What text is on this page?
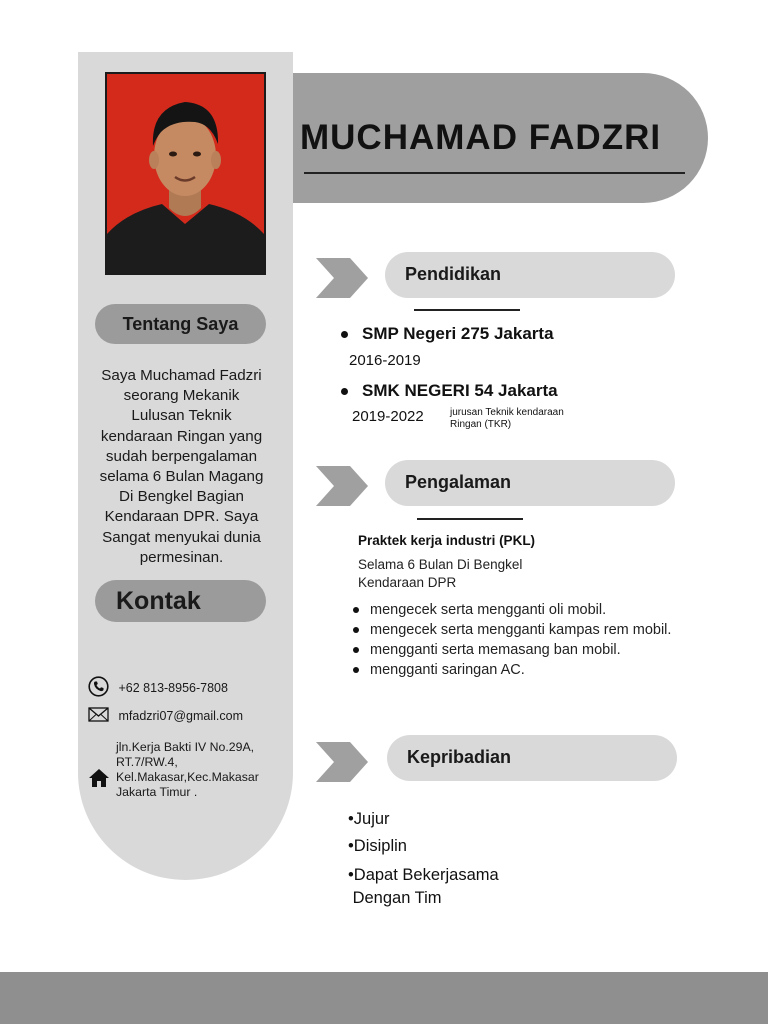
Tentang Saya
Saya Muchamad Fadzri
seorang Mekanik
Lulusan Teknik
kendaraan Ringan yang
sudah berpengalaman
selama 6 Bulan Magang
Di Bengkel Bagian
Kendaraan DPR. Saya
Sangat menyukai dunia
permesinan.
Kontak
+62 813-8956-7808
mfadzri07@gmail.com
jln.Kerja Bakti IV No.29A,
RT.7/RW.4,
Kel.Makasar,Kec.Makasar
Jakarta Timur .
MUCHAMAD FADZRI
Pendidikan
SMP Negeri 275 Jakarta
2016-2019
SMK NEGERI 54 Jakarta
2019-2022	jurusan Teknik kendaraan Ringan (TKR)
Pengalaman
Praktek kerja industri (PKL)
Selama 6 Bulan Di Bengkel
Kendaraan DPR
mengecek serta mengganti oli mobil.
mengecek serta mengganti kampas rem mobil.
mengganti serta memasang ban mobil.
mengganti saringan AC.
Kepribadian
•Jujur
•Disiplin
•Dapat Bekerjasama
Dengan Tim
